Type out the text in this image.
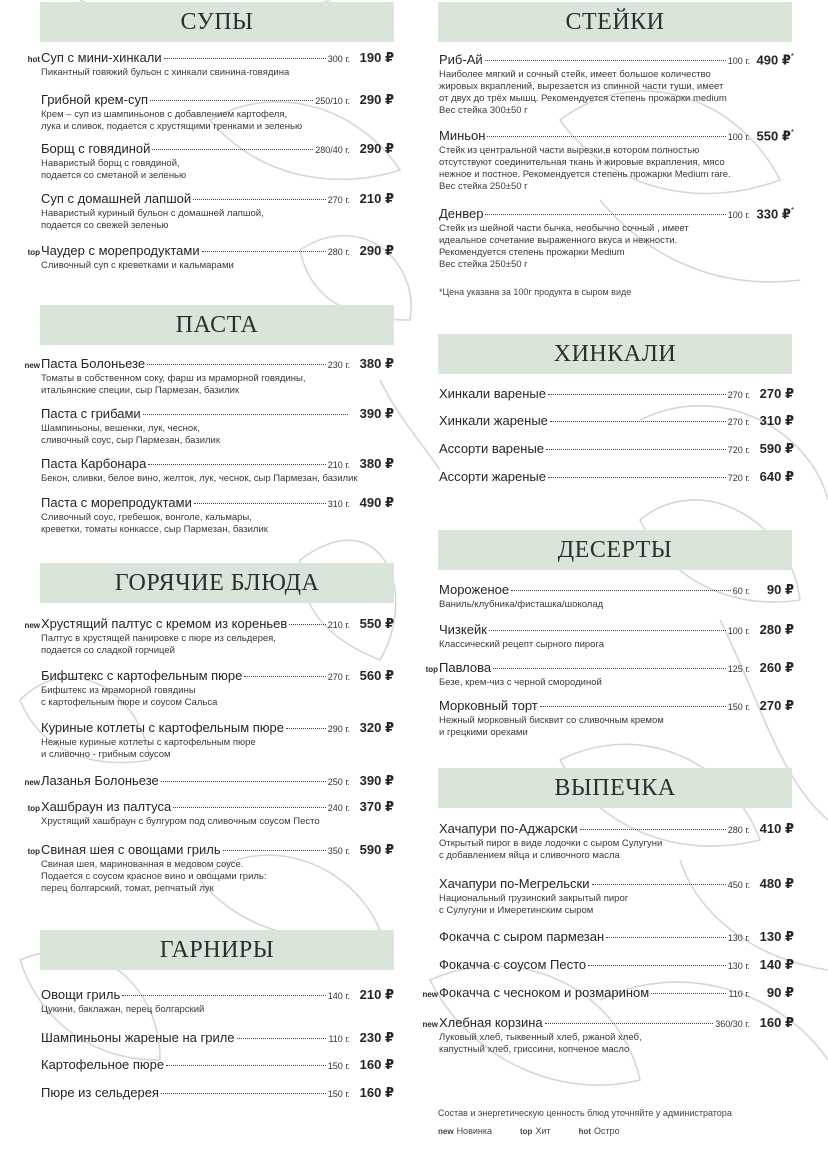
СУПЫ
hot Суп с мини-хинкали	300 г. 190 ₽
Пикантный говяжий бульон с хинкали свинина-говядина
Грибной крем-суп	250/10 г. 290 ₽
Крем – суп из шампиньонов с добавлением картофеля,
лука и сливок, подается с хрустящими гренками и зеленью
Борщ с говядиной	280/40 г. 290 ₽
Наваристый борщ с говядиной,
подается со сметаной и зеленью
Суп с домашней лапшой	270 г. 210 ₽
Наваристый куриный бульон с домашней лапшой,
подается со свежей зеленью
top Чаудер с морепродуктами	280 г. 290 ₽
Сливочный суп с креветками и кальмарами
ПАСТА
new Паста Болоньезе	230 г. 380 ₽
Томаты в собственном соку, фарш из мраморной говядины,
итальянские специи, сыр Пармезан, базилик
Паста с грибами	390 ₽
Шампиньоны, вешенки, лук, чеснок,
сливочный соус, сыр Пармезан, базилик
Паста Карбонара	210 г. 380 ₽
Бекон, сливки, белое вино, желток, лук, чеснок, сыр Пармезан, базилик
Паста с морепродуктами	310 г. 490 ₽
Сливочный соус, гребешок, вонголе, кальмары,
креветки, томаты конкассе, сыр Пармезан, базилик
ГОРЯЧИЕ БЛЮДА
new Хрустящий палтус с кремом из кореньев	210 г. 550 ₽
Палтус в хрустящей панировке с пюре из сельдерея,
подается со сладкой горчицей
Бифштекс с картофельным пюре	270 г. 560 ₽
Бифштекс из мраморной говядины
с картофельным пюре и соусом Сальса
Куриные котлеты с картофельным пюре	290 г. 320 ₽
Нежные куриные котлеты с картофельным пюре
и сливочно - грибным соусом
new Лазанья Болоньезе	250 г. 390 ₽
top Хашбраун из палтуса	240 г. 370 ₽
Хрустящий хашбраун с булгуром под сливочным соусом Песто
top Свиная шея с овощами гриль	350 г. 590 ₽
Свиная шея, маринованная в медовом соусе.
Подается с соусом красное вино и овощами гриль:
перец болгарский, томат, репчатый лук
ГАРНИРЫ
Овощи гриль	140 г. 210 ₽
Цукини, баклажан, перец болгарский
Шампиньоны жареные на гриле	110 г. 230 ₽
Картофельное пюре	150 г. 160 ₽
Пюре из сельдерея	150 г. 160 ₽
СТЕЙКИ
Риб-Ай	100 г. 490 ₽*
Наиболее мягкий и сочный стейк, имеет большое количество
жировых вкраплений, вырезается из спинной части туши, имеет
от двух до трёх мышц. Рекомендуется степень прожарки medium
Вес стейка 300±50 г
Миньон	100 г. 550 ₽*
Стейк из центральной части вырезки,в котором полностью
отсутствуют соединительная ткань и жировые вкрапления, мясо
нежное и постное. Рекомендуется степень прожарки Medium rare.
Вес стейка 250±50 г
Денвер	100 г. 330 ₽*
Стейк из шейной части бычка, необычно сочный , имеет
идеальное сочетание выраженного вкуса и нежности.
Рекомендуется степень прожарки Medium
Вес стейка 250±50 г
*Цена указана за 100г продукта в сыром виде
ХИНКАЛИ
Хинкали вареные	270 г. 270 ₽
Хинкали жареные	270 г. 310 ₽
Ассорти вареные	720 г. 590 ₽
Ассорти жареные	720 г. 640 ₽
ДЕСЕРТЫ
Мороженое	60 г.	90 ₽
Ваниль/клубника/фисташка/шоколад
Чизкейк	100 г. 280 ₽
Классический рецепт сырного пирога
top Павлова	125 г. 260 ₽
Безе, крем-чиз с черной смородиной
Морковный торт	150 г. 270 ₽
Нежный морковный бисквит со сливочным кремом
и грецкими орехами
ВЫПЕЧКА
Хачапури по-Аджарски	280 г. 410 ₽
Открытый пирог в виде лодочки с сыром Сулугуни
с добавлением яйца и сливочного масла
Хачапури по-Мегрельски	450 г. 480 ₽
Национальный грузинский закрытый пирог
с Сулугуни и Имеретинским сыром
Фокачча с сыром пармезан	130 г. 130 ₽
Фокачча с соусом Песто	130 г. 140 ₽
new Фокачча с чесноком и розмарином	110 г.	90 ₽
new Хлебная корзина	360/30 г. 160 ₽
Луковый хлеб, тыквенный хлеб, ржаной хлеб,
капустный хлеб, гриссини, копченое масло
Состав и энергетическую ценность блюд уточняйте у администратора
new Новинка	top Хит	hot Остро
